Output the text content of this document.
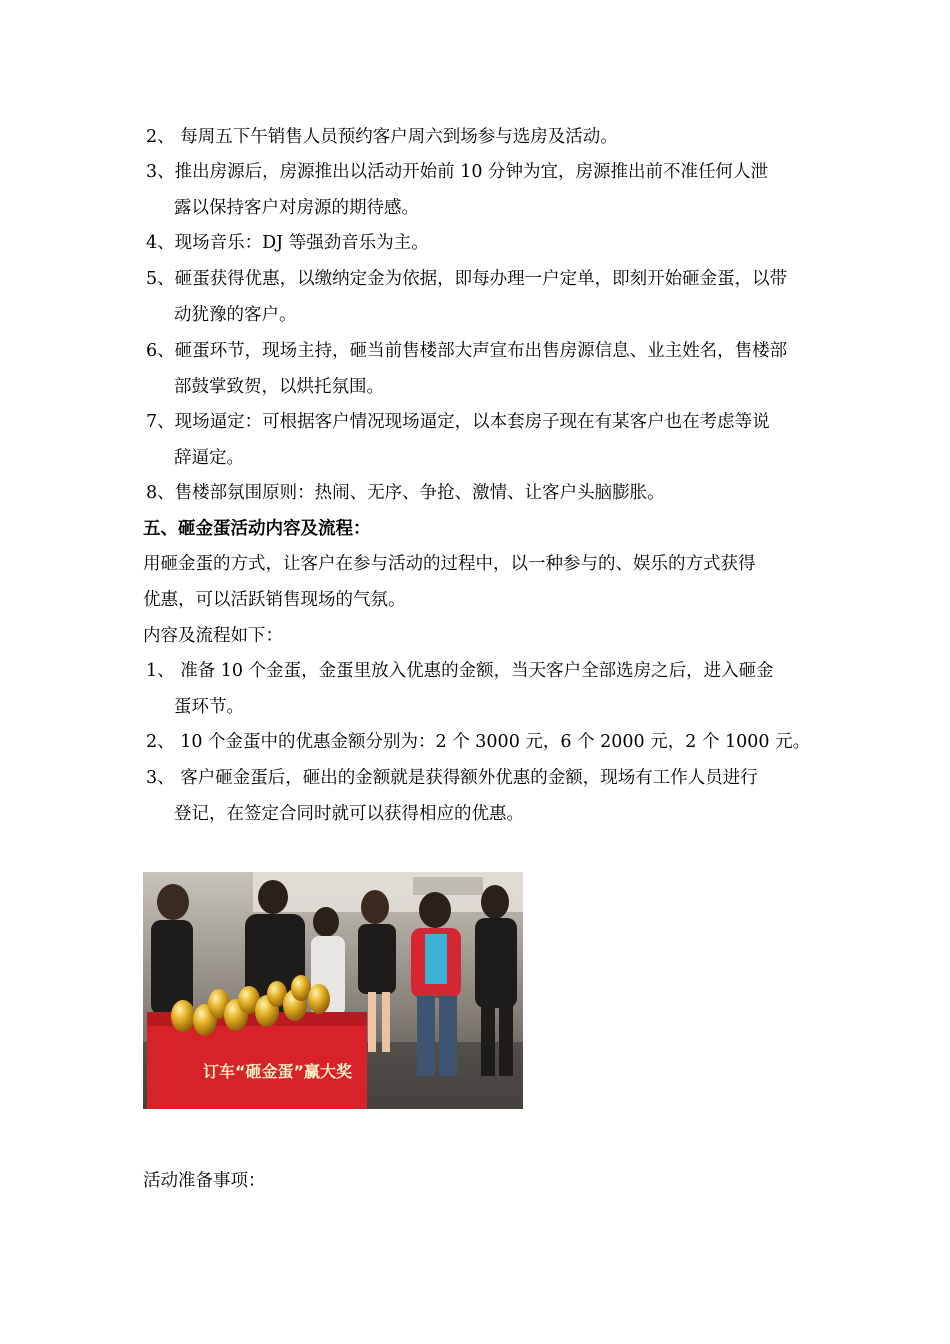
2、 每周五下午销售人员预约客户周六到场参与选房及活动。
3、推出房源后，房源推出以活动开始前 10 分钟为宜，房源推出前不准任何人泄
露以保持客户对房源的期待感。
4、现场音乐：DJ 等强劲音乐为主。
5、砸蛋获得优惠，以缴纳定金为依据，即每办理一户定单，即刻开始砸金蛋，以带
动犹豫的客户。
6、砸蛋环节，现场主持，砸当前售楼部大声宣布出售房源信息、业主姓名，售楼部
部鼓掌致贺，以烘托氛围。
7、现场逼定：可根据客户情况现场逼定，以本套房子现在有某客户也在考虑等说
辞逼定。
8、售楼部氛围原则：热闹、无序、争抢、激情、让客户头脑膨胀。
五、砸金蛋活动内容及流程：
用砸金蛋的方式，让客户在参与活动的过程中，以一种参与的、娱乐的方式获得
优惠，可以活跃销售现场的气氛。
内容及流程如下：
1、 准备 10 个金蛋，金蛋里放入优惠的金额，当天客户全部选房之后，进入砸金
蛋环节。
2、 10 个金蛋中的优惠金额分别为：2 个 3000 元，6 个 2000 元，2 个 1000 元。
3、 客户砸金蛋后，砸出的金额就是获得额外优惠的金额，现场有工作人员进行
登记，在签定合同时就可以获得相应的优惠。
订车“砸金蛋”赢大奖
活动准备事项：
